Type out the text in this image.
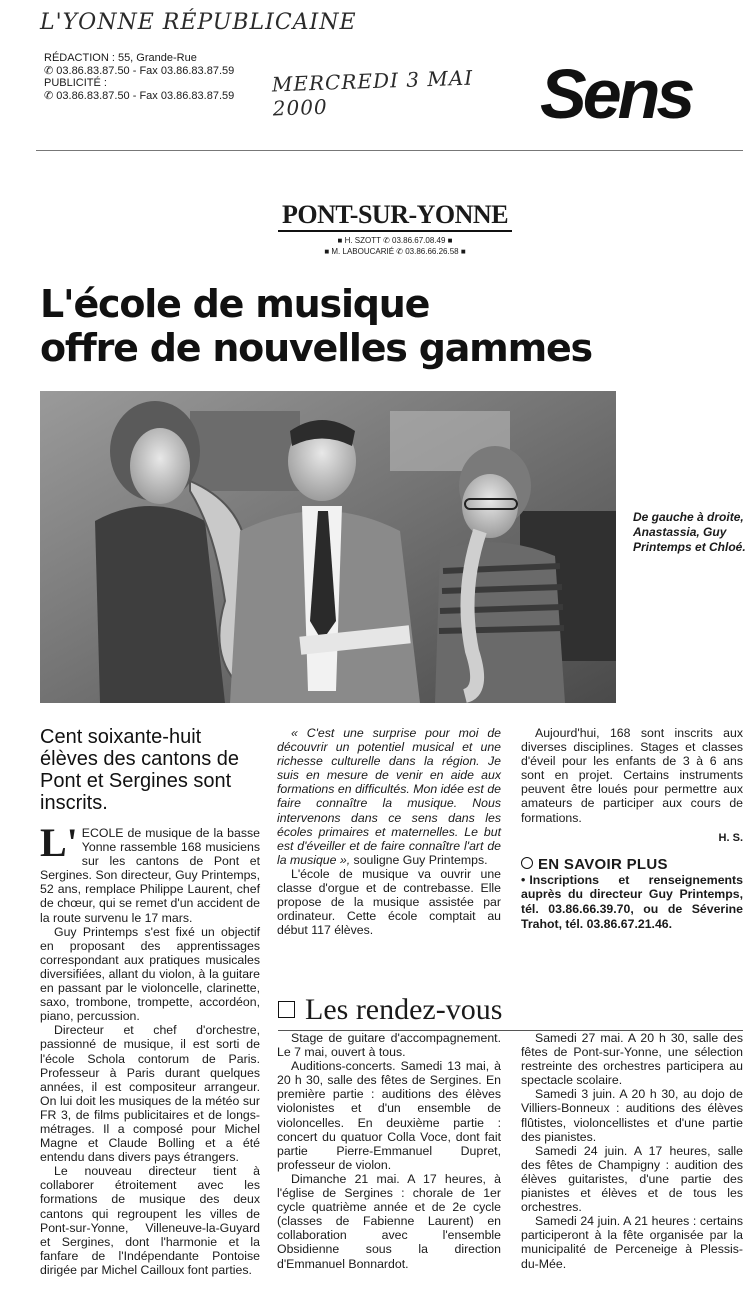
L'YONNE RÉPUBLICAINE
MERCREDI 3 MAI 2000
RÉDACTION : 55, Grande-Rue
✆ 03.86.83.87.50 - Fax 03.86.83.87.59
PUBLICITÉ :
✆ 03.86.83.87.50 - Fax 03.86.83.87.59	Sens
PONT-SUR-YONNE
■ H. SZOTT ✆ 03.86.67.08.49 ■
■ M. LABOUCARIÉ ✆ 03.86.66.26.58 ■
L'école de musique
offre de nouvelles gammes
De gauche à droite, Anastassia, Guy Printemps et Chloé.
Cent soixante-huit élèves des cantons de Pont et Sergines sont inscrits.

L' ECOLE de musique de la basse Yonne rassemble 168 musiciens sur les cantons de Pont et Sergines. Son directeur, Guy Printemps, 52 ans, remplace Philippe Laurent, chef de chœur, qui se remet d'un accident de la route survenu le 17 mars.

Guy Printemps s'est fixé un objectif en proposant des apprentissages correspondant aux pratiques musicales diversifiées, allant du violon, à la guitare en passant par le violoncelle, clarinette, saxo, trombone, trompette, accordéon, piano, percussion.

Directeur et chef d'orchestre, passionné de musique, il est sorti de l'école Schola contorum de Paris. Professeur à Paris durant quelques années, il est compositeur arrangeur. On lui doit les musiques de la météo sur FR 3, de films publicitaires et de longs-métrages. Il a composé pour Michel Magne et Claude Bolling et a été entendu dans divers pays étrangers.

Le nouveau directeur tient à collaborer étroitement avec les formations de musique des deux cantons qui regroupent les villes de Pont-sur-Yonne, Villeneuve-la-Guyard et Sergines, dont l'harmonie et la fanfare de l'Indépendante Pontoise dirigée par Michel Cailloux font parties.

« C'est une surprise pour moi de découvrir un potentiel musical et une richesse culturelle dans la région. Je suis en mesure de venir en aide aux formations en difficultés. Mon idée est de faire connaître la musique. Nous intervenons dans ce sens dans les écoles primaires et maternelles. Le but est d'éveiller et de faire connaître l'art de la musique », souligne Guy Printemps.

L'école de musique va ouvrir une classe d'orgue et de contrebasse. Elle propose de la musique assistée par ordinateur. Cette école comptait au début 117 élèves.

Aujourd'hui, 168 sont inscrits aux diverses disciplines. Stages et classes d'éveil pour les enfants de 3 à 6 ans sont en projet. Certains instruments peuvent être loués pour permettre aux amateurs de participer aux cours de formations.

H. S.
EN SAVOIR PLUS
• Inscriptions et renseignements auprès du directeur Guy Printemps, tél. 03.86.66.39.70, ou de Séverine Trahot, tél. 03.86.67.21.46.
Les rendez-vous

Stage de guitare d'accompagnement. Le 7 mai, ouvert à tous.

Auditions-concerts. Samedi 13 mai, à 20 h 30, salle des fêtes de Sergines. En première partie : auditions des élèves violonistes et d'un ensemble de violoncelles. En deuxième partie : concert du quatuor Colla Voce, dont fait partie Pierre-Emmanuel Dupret, professeur de violon.

Dimanche 21 mai. A 17 heures, à l'église de Sergines : chorale de 1er cycle quatrième année et de 2e cycle (classes de Fabienne Laurent) en collaboration avec l'ensemble Obsidienne sous la direction d'Emmanuel Bonnardot.

Samedi 27 mai. A 20 h 30, salle des fêtes de Pont-sur-Yonne, une sélection restreinte des orchestres participera au spectacle scolaire.

Samedi 3 juin. A 20 h 30, au dojo de Villiers-Bonneux : auditions des élèves flûtistes, violoncellistes et d'une partie des pianistes.

Samedi 24 juin. A 17 heures, salle des fêtes de Champigny : audition des élèves guitaristes, d'une partie des pianistes et élèves et de tous les orchestres.

Samedi 24 juin. A 21 heures : certains participeront à la fête organisée par la municipalité de Perceneige à Plessis-du-Mée.
